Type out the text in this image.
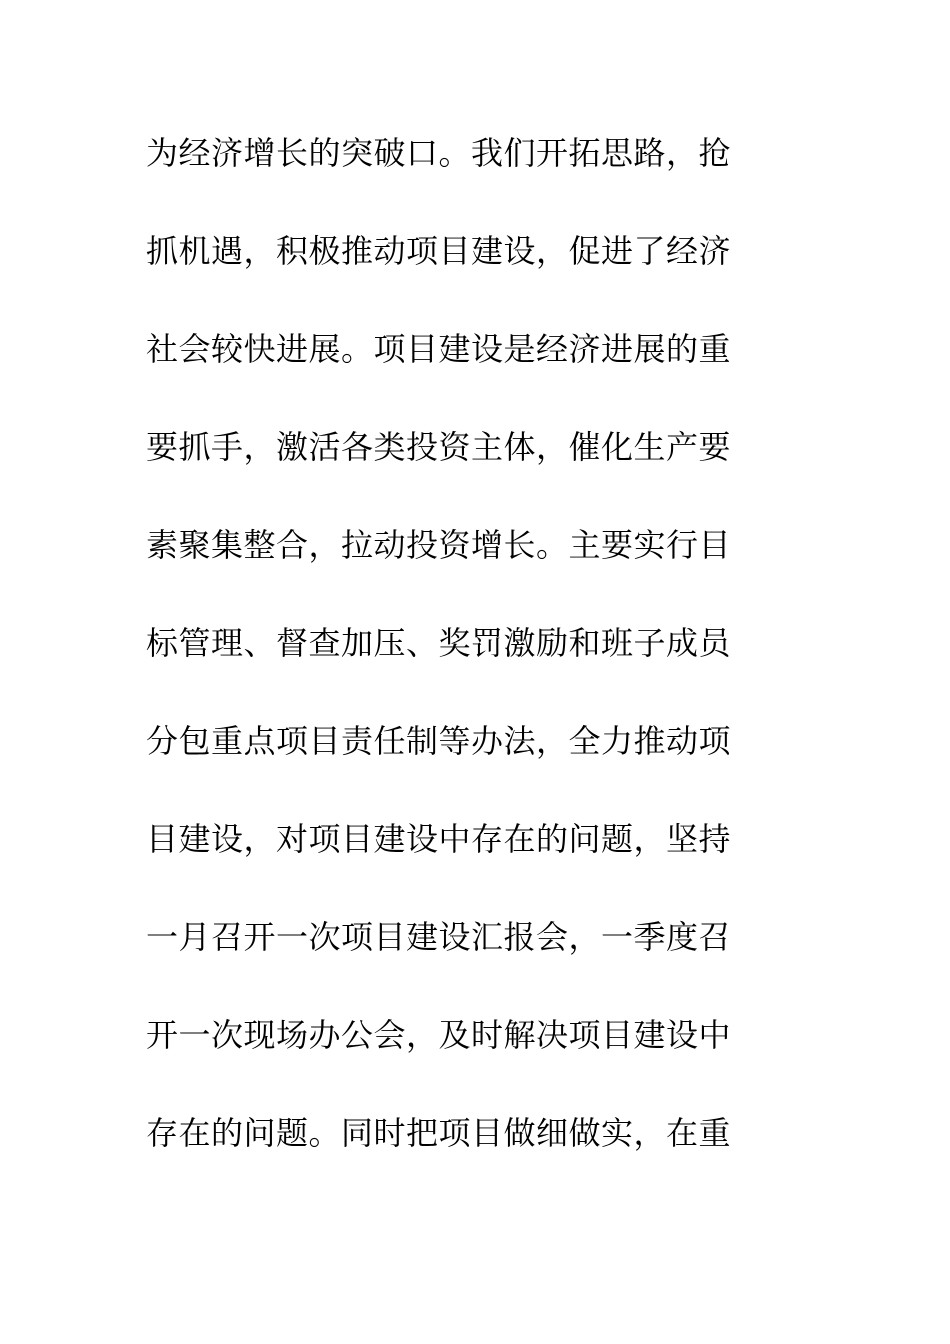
为经济增长的突破口。我们开拓思路，抢
抓机遇，积极推动项目建设，促进了经济
社会较快进展。项目建设是经济进展的重
要抓手，激活各类投资主体，催化生产要
素聚集整合，拉动投资增长。主要实行目
标管理、督查加压、奖罚激励和班子成员
分包重点项目责任制等办法，全力推动项
目建设，对项目建设中存在的问题，坚持
一月召开一次项目建设汇报会，一季度召
开一次现场办公会，及时解决项目建设中
存在的问题。同时把项目做细做实，在重
